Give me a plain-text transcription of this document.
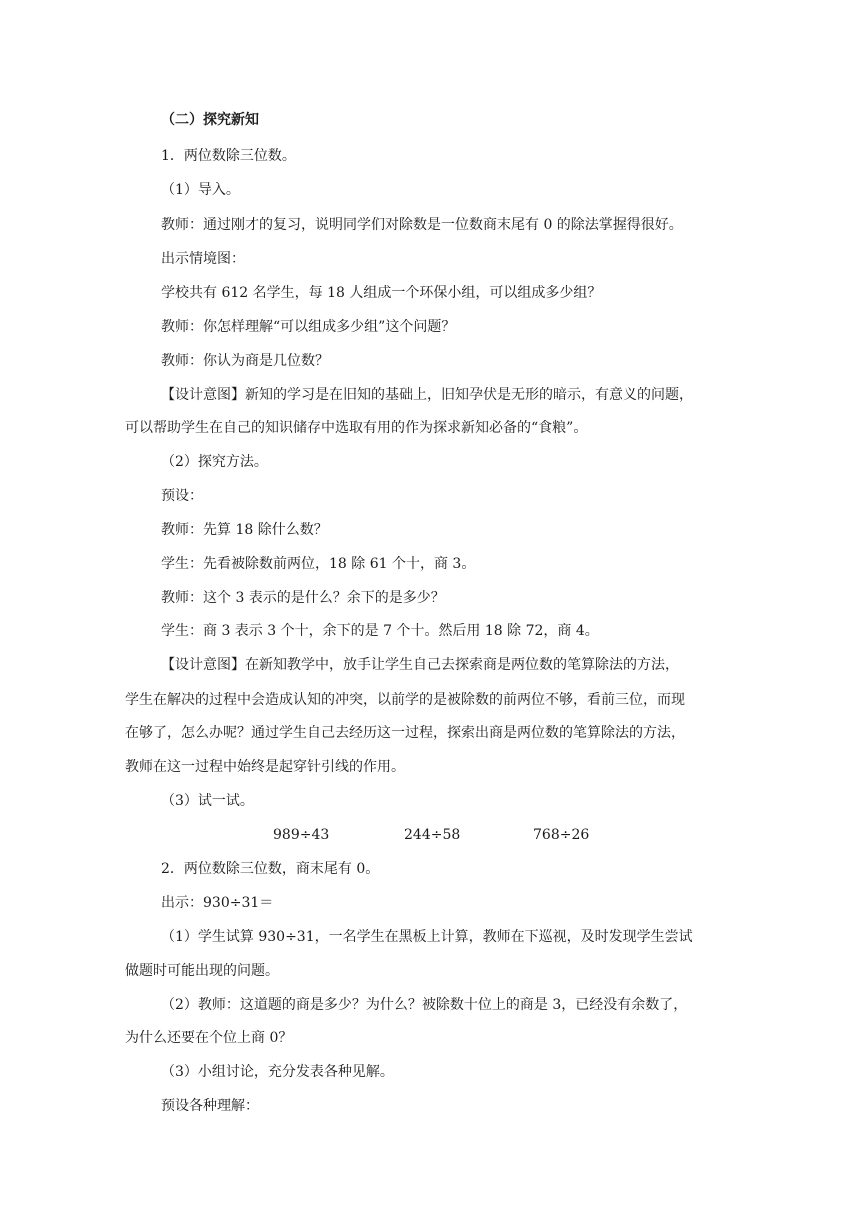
（二）探究新知
1．两位数除三位数。
（1）导入。
教师：通过刚才的复习，说明同学们对除数是一位数商末尾有 0 的除法掌握得很好。
出示情境图：
学校共有 612 名学生，每 18 人组成一个环保小组，可以组成多少组？
教师：你怎样理解“可以组成多少组”这个问题？
教师：你认为商是几位数？
【设计意图】新知的学习是在旧知的基础上，旧知孕伏是无形的暗示，有意义的问题，
可以帮助学生在自己的知识储存中选取有用的作为探求新知必备的“食粮”。
（2）探究方法。
预设：
教师：先算 18 除什么数？
学生：先看被除数前两位，18 除 61 个十，商 3。
教师：这个 3 表示的是什么？余下的是多少？
学生：商 3 表示 3 个十，余下的是 7 个十。然后用 18 除 72，商 4。
【设计意图】在新知教学中，放手让学生自己去探索商是两位数的笔算除法的方法，
学生在解决的过程中会造成认知的冲突，以前学的是被除数的前两位不够，看前三位，而现
在够了，怎么办呢？通过学生自己去经历这一过程，探索出商是两位数的笔算除法的方法，
教师在这一过程中始终是起穿针引线的作用。
（3）试一试。
989÷43	244÷58	768÷26
2．两位数除三位数，商末尾有 0。
出示：930÷31＝
（1）学生试算 930÷31，一名学生在黑板上计算，教师在下巡视，及时发现学生尝试
做题时可能出现的问题。
（2）教师：这道题的商是多少？为什么？被除数十位上的商是 3，已经没有余数了，
为什么还要在个位上商 0？
（3）小组讨论，充分发表各种见解。
预设各种理解：
